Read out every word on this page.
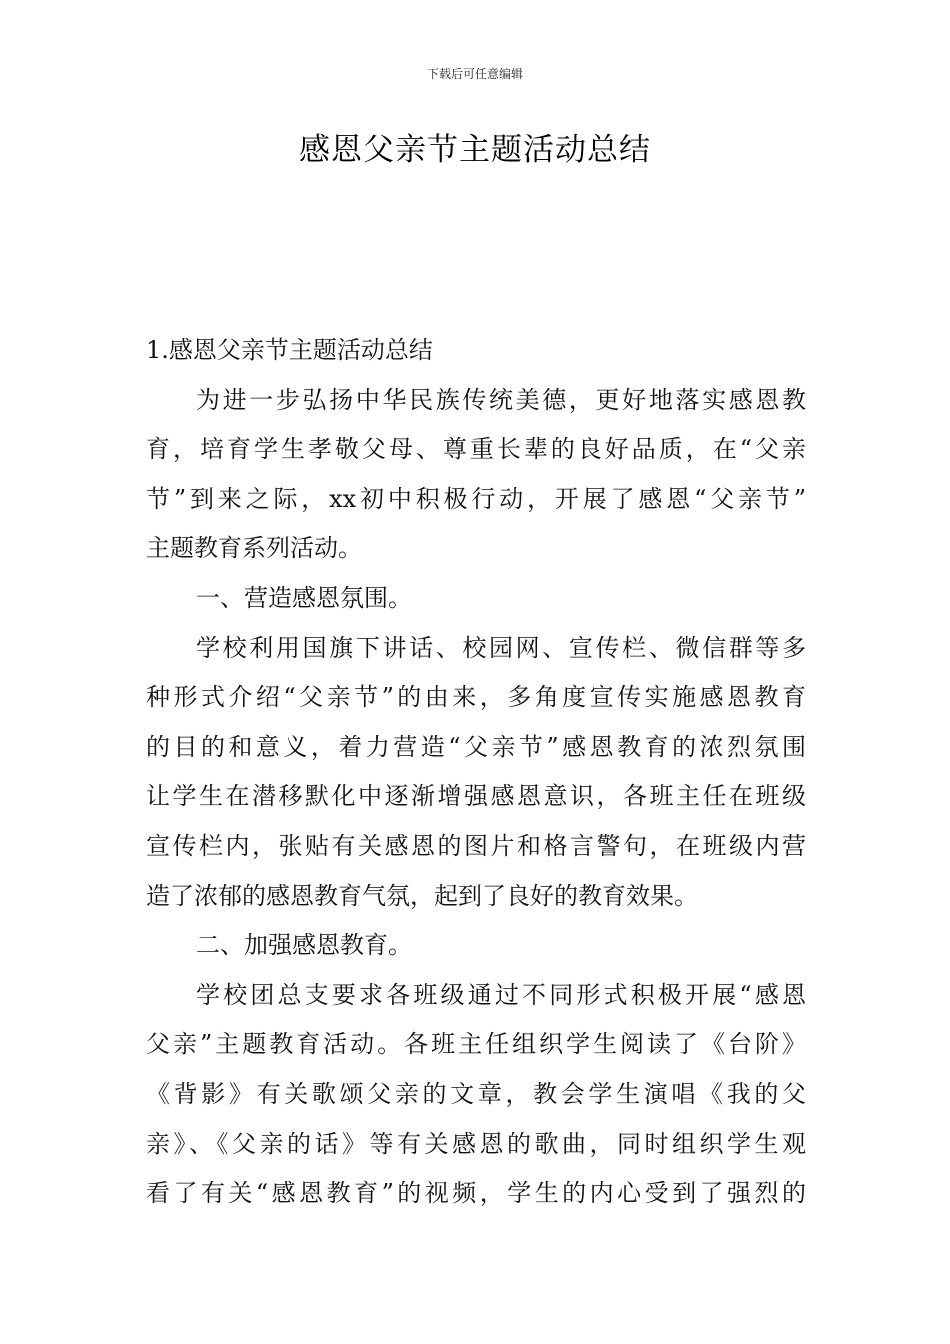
下载后可任意编辑
感恩父亲节主题活动总结
1.感恩父亲节主题活动总结
为进一步弘扬中华民族传统美德，更好地落实感恩教
育，培育学生孝敬父母、尊重长辈的良好品质，在“父亲
节”到来之际，xx初中积极行动，开展了感恩“父亲节”
主题教育系列活动。
一、营造感恩氛围。
学校利用国旗下讲话、校园网、宣传栏、微信群等多
种形式介绍“父亲节”的由来，多角度宣传实施感恩教育
的目的和意义，着力营造“父亲节”感恩教育的浓烈氛围
让学生在潜移默化中逐渐增强感恩意识，各班主任在班级
宣传栏内，张贴有关感恩的图片和格言警句，在班级内营
造了浓郁的感恩教育气氛，起到了良好的教育效果。
二、加强感恩教育。
学校团总支要求各班级通过不同形式积极开展“感恩
父亲”主题教育活动。各班主任组织学生阅读了《台阶》
《背影》有关歌颂父亲的文章，教会学生演唱《我的父
亲》、《父亲的话》等有关感恩的歌曲，同时组织学生观
看了有关“感恩教育”的视频，学生的内心受到了强烈的
